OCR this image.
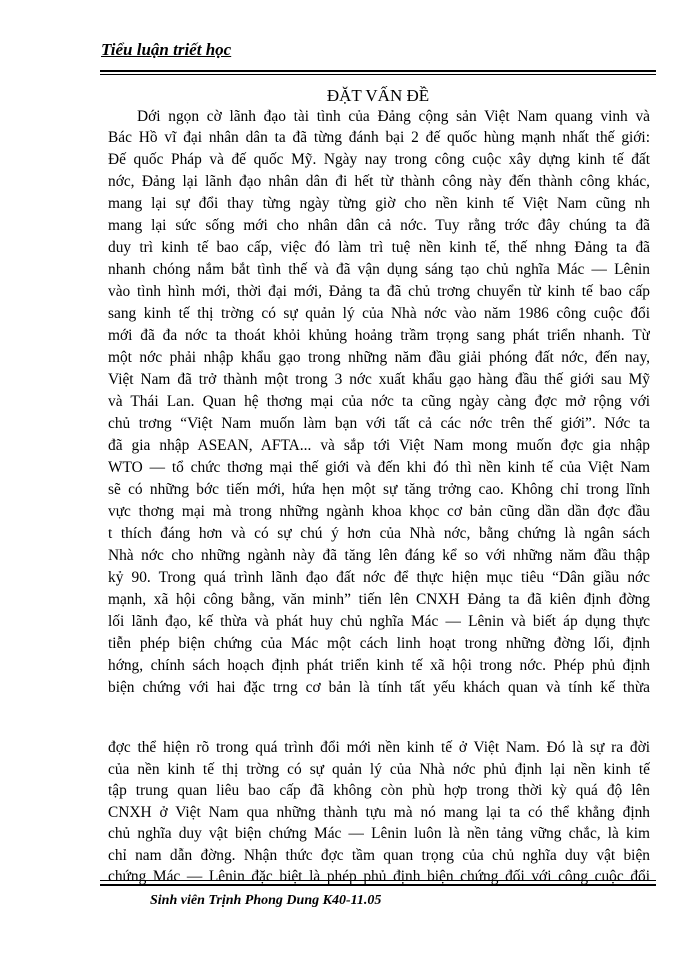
Tiểu luận triết học
ĐẶT VẤN ĐỀ
Dới ngọn cờ lãnh đạo tài tình của Đảng cộng sản Việt Nam quang vinh và
Bác Hồ vĩ đại nhân dân ta đã từng đánh bại 2 đế quốc hùng mạnh nhất thế giới:
Đế quốc Pháp và đế quốc Mỹ. Ngày nay trong công cuộc xây dựng kinh tế đất
nớc, Đảng lại lãnh đạo nhân dân đi hết từ thành công này đến thành công khác,
mang lại sự đổi thay từng ngày từng giờ cho nền kinh tế Việt Nam cũng nh
mang lại sức sống mới cho nhân dân cả nớc. Tuy rằng trớc đây chúng ta đã
duy trì kinh tế bao cấp, việc đó làm trì tuệ nền kinh tế, thế nhng Đảng ta đã
nhanh chóng nắm bắt tình thế và đã vận dụng sáng tạo chủ nghĩa Mác — Lênin
vào tình hình mới, thời đại mới, Đảng ta đã chủ trơng chuyển từ kinh tế bao cấp
sang kinh tế thị trờng có sự quản lý của Nhà nớc vào năm 1986 công cuộc đổi
mới đã đa nớc ta thoát khỏi khủng hoảng trầm trọng sang phát triển nhanh. Từ
một nớc phải nhập khẩu gạo trong những năm đầu giải phóng đất nớc, đến nay,
Việt Nam đã trở thành một trong 3 nớc xuất khẩu gạo hàng đầu thế giới sau Mỹ
và Thái Lan. Quan hệ thơng mại của nớc ta cũng ngày càng đợc mở rộng với
chủ trơng “Việt Nam muốn làm bạn với tất cả các nớc trên thế giới”. Nớc ta
đã gia nhập ASEAN, AFTA... và sắp tới Việt Nam mong muốn đợc gia nhập
WTO — tổ chức thơng mại thế giới và đến khi đó thì nền kinh tế của Việt Nam
sẽ có những bớc tiến mới, hứa hẹn một sự tăng trởng cao. Không chỉ trong lĩnh
vực thơng mại mà trong những ngành khoa khọc cơ bản cũng dần dần đợc đầu
t thích đáng hơn và có sự chú ý hơn của Nhà nớc, bằng chứng là ngân sách
Nhà nớc cho những ngành này đã tăng lên đáng kể so với những năm đầu thập
kỷ 90. Trong quá trình lãnh đạo đất nớc để thực hiện mục tiêu “Dân giầu nớc
mạnh, xã hội công bằng, văn minh” tiến lên CNXH Đảng ta đã kiên định đờng
lối lãnh đạo, kế thừa và phát huy chủ nghĩa Mác — Lênin và biết áp dụng thực
tiễn phép biện chứng của Mác một cách linh hoạt trong những đờng lối, định
hớng, chính sách hoạch định phát triển kinh tế xã hội trong nớc. Phép phủ định
biện chứng với hai đặc trng cơ bản là tính tất yếu khách quan và tính kế thừa
đợc thể hiện rõ trong quá trình đổi mới nền kinh tế ở Việt Nam. Đó là sự ra đời
của nền kinh tế thị trờng có sự quản lý của Nhà nớc phủ định lại nền kinh tế
tập trung quan liêu bao cấp đã không còn phù hợp trong thời kỳ quá độ lên
CNXH ở Việt Nam qua những thành tựu mà nó mang lại ta có thể khẳng định
chủ nghĩa duy vật biện chứng Mác — Lênin luôn là nền tảng vững chắc, là kim
chỉ nam dẫn đờng. Nhận thức đợc tầm quan trọng của chủ nghĩa duy vật biện
chứng Mác — Lênin đặc biệt là phép phủ định biện chứng đối với công cuộc đổi
Sinh viên Trịnh Phong Dung K40-11.05
